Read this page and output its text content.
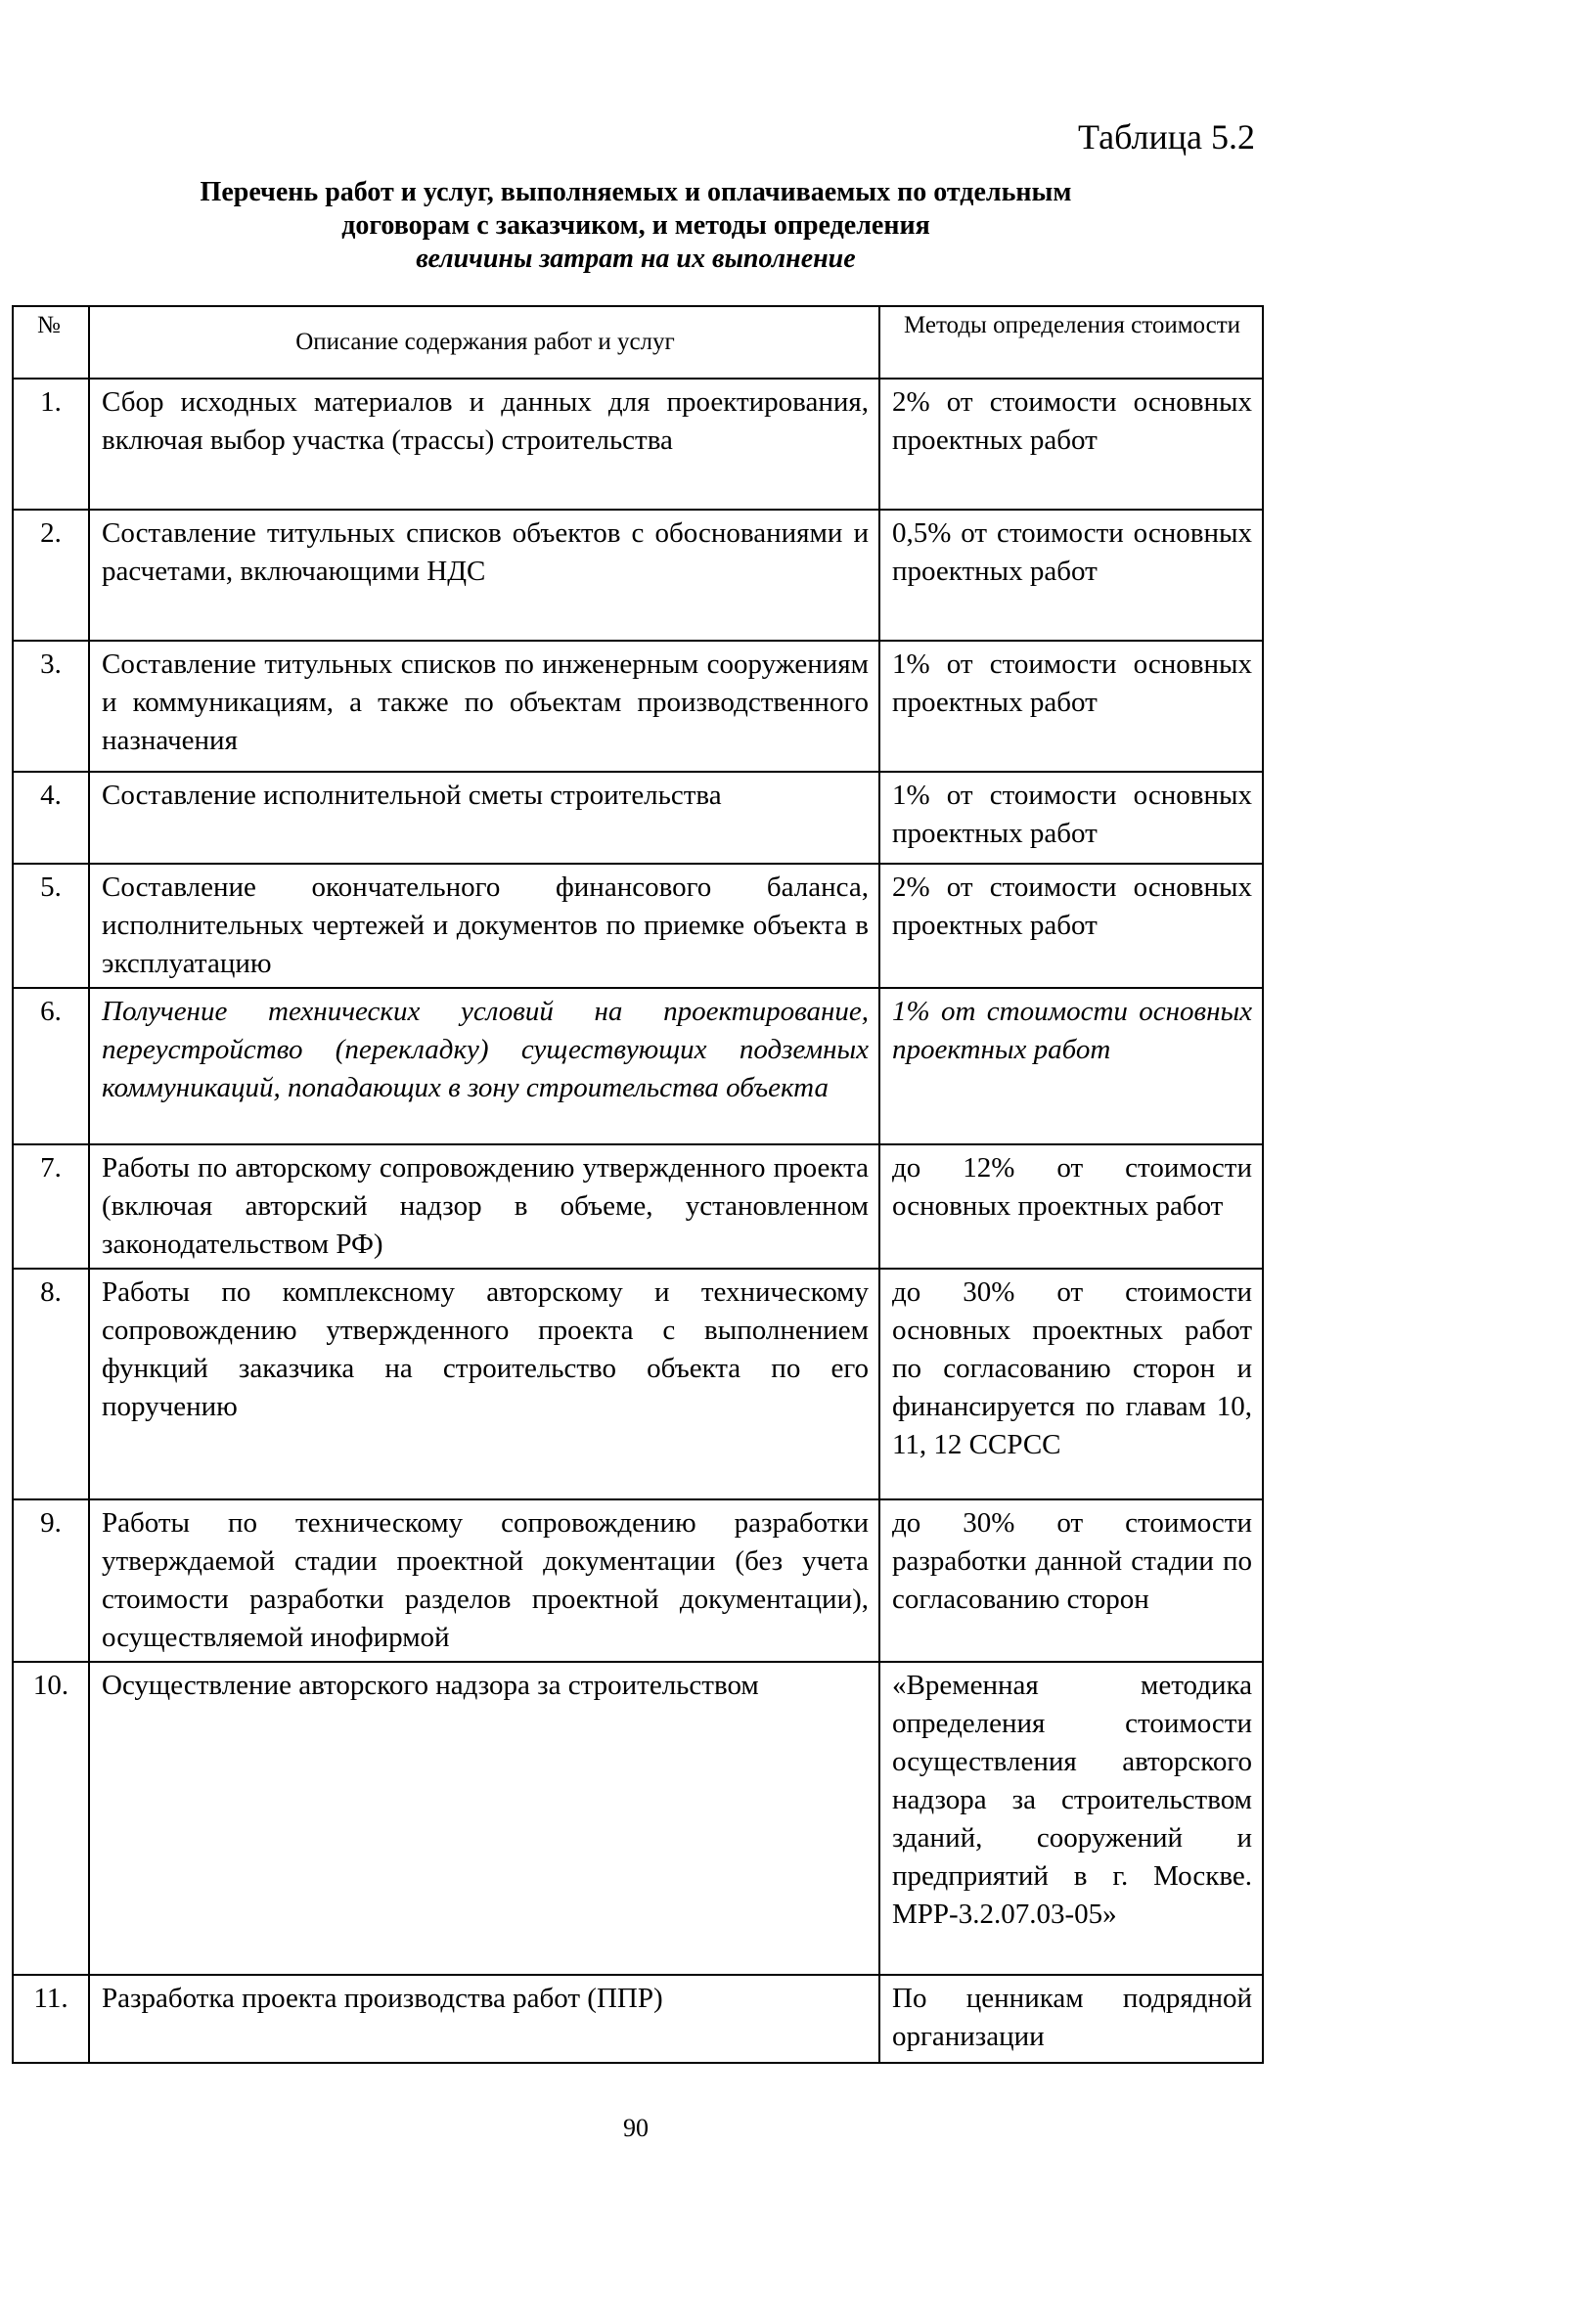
Таблица 5.2
Перечень работ и услуг, выполняемых и оплачиваемых по отдельным
договорам с заказчиком, и методы определения
величины затрат на их выполнение
№	Описание содержания работ и услуг	Методы определения стоимости
1.	Сбор исходных материалов и данных для проектирования, включая выбор участка (трассы) строительства	2% от стоимости основных проектных работ
2.	Составление титульных списков объектов с обоснованиями и расчетами, включающими НДС	0,5% от стоимости основных проектных работ
3.	Составление титульных списков по инженерным сооружениям и коммуникациям, а также по объектам производственного назначения	1% от стоимости основных проектных работ
4.	Составление исполнительной сметы строительства	1% от стоимости основных проектных работ
5.	Составление окончательного финансового баланса, исполнительных чертежей и документов по приемке объекта в эксплуатацию	2% от стоимости основных проектных работ
6.	Получение технических условий на проектирование, переустройство (перекладку) существующих подземных коммуникаций, попадающих в зону строительства объекта	1% от стоимости основных проектных работ
7.	Работы по авторскому сопровождению утвержденного проекта (включая авторский надзор в объеме, установленном законодательством РФ)	до 12% от стоимости основных проектных работ
8.	Работы по комплексному авторскому и техническому сопровождению утвержденного проекта с выполнением функций заказчика на строительство объекта по его поручению	до 30% от стоимости основных проектных работ по согласованию сторон и финансируется по главам 10, 11, 12 ССРСС
9.	Работы по техническому сопровождению разработки утверждаемой стадии проектной документации (без учета стоимости разработки разделов проектной документации), осуществляемой инофирмой	до 30% от стоимости разработки данной стадии по согласованию сторон
10.	Осуществление авторского надзора за строительством	«Временная методика определения стоимости осуществления авторского надзора за строительством зданий, сооружений и предприятий в г. Москве. МРР-3.2.07.03-05»
11.	Разработка проекта производства работ (ППР)	По ценникам подрядной организации
90
